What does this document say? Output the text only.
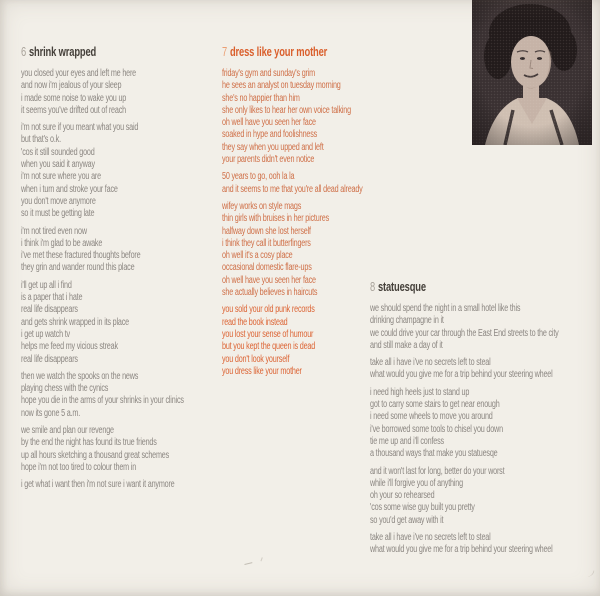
6 shrink wrapped

you closed your eyes and left me here
and now i'm jealous of your sleep
i made some noise to wake you up
it seems you've drifted out of reach

i'm not sure if you meant what you said
but that's o.k.
'cos it still sounded good
when you said it anyway
i'm not sure where you are
when i turn and stroke your face
you don't move anymore
so it must be getting late

i'm not tired even now
i think i'm glad to be awake
i've met these fractured thoughts before
they grin and wander round this place

i'll get up all i find
is a paper that i hate
real life disappears
and gets shrink wrapped in its place
i get up watch tv
helps me feed my vicious streak
real life disappears

then we watch the spooks on the news
playing chess with the cynics
hope you die in the arms of your shrinks in your clinics
now its gone 5 a.m.

we smile and plan our revenge
by the end the night has found its true friends
up all hours sketching a thousand great schemes
hope i'm not too tired to colour them in

i get what i want then i'm not sure i want it anymore

7 dress like your mother

friday's gym and sunday's grim
he sees an analyst on tuesday morning
she's no happier than him
she only likes to hear her own voice talking
oh well have you seen her face
soaked in hype and foolishness
they say when you upped and left
your parents didn't even notice

50 years to go, ooh la la
and it seems to me that you're all dead already

wifey works on style mags
thin girls with bruises in her pictures
halfway down she lost herself
i think they call it butterfingers
oh well it's a cosy place
occasional domestic flare-ups
oh well have you seen her face
she actually believes in haircuts

you sold your old punk records
read the book instead
you lost your sense of humour
but you kept the queen is dead
you don't look yourself
you dress like your mother

8 statuesque

we should spend the night in a small hotel like this
drinking champagne in it
we could drive your car through the East End streets to the city
and still make a day of it

take all i have i've no secrets left to steal
what would you give me for a trip behind your steering wheel

i need high heels just to stand up
got to carry some stairs to get near enough
i need some wheels to move you around
i've borrowed some tools to chisel you down
tie me up and i'll confess
a thousand ways that make you statuesqe

and it won't last for long, better do your worst
while i'll forgive you of anything
oh your so rehearsed
'cos some wise guy built you pretty
so you'd get away with it

take all i have i've no secrets left to steal
what would you give me for a trip behind your steering wheel
